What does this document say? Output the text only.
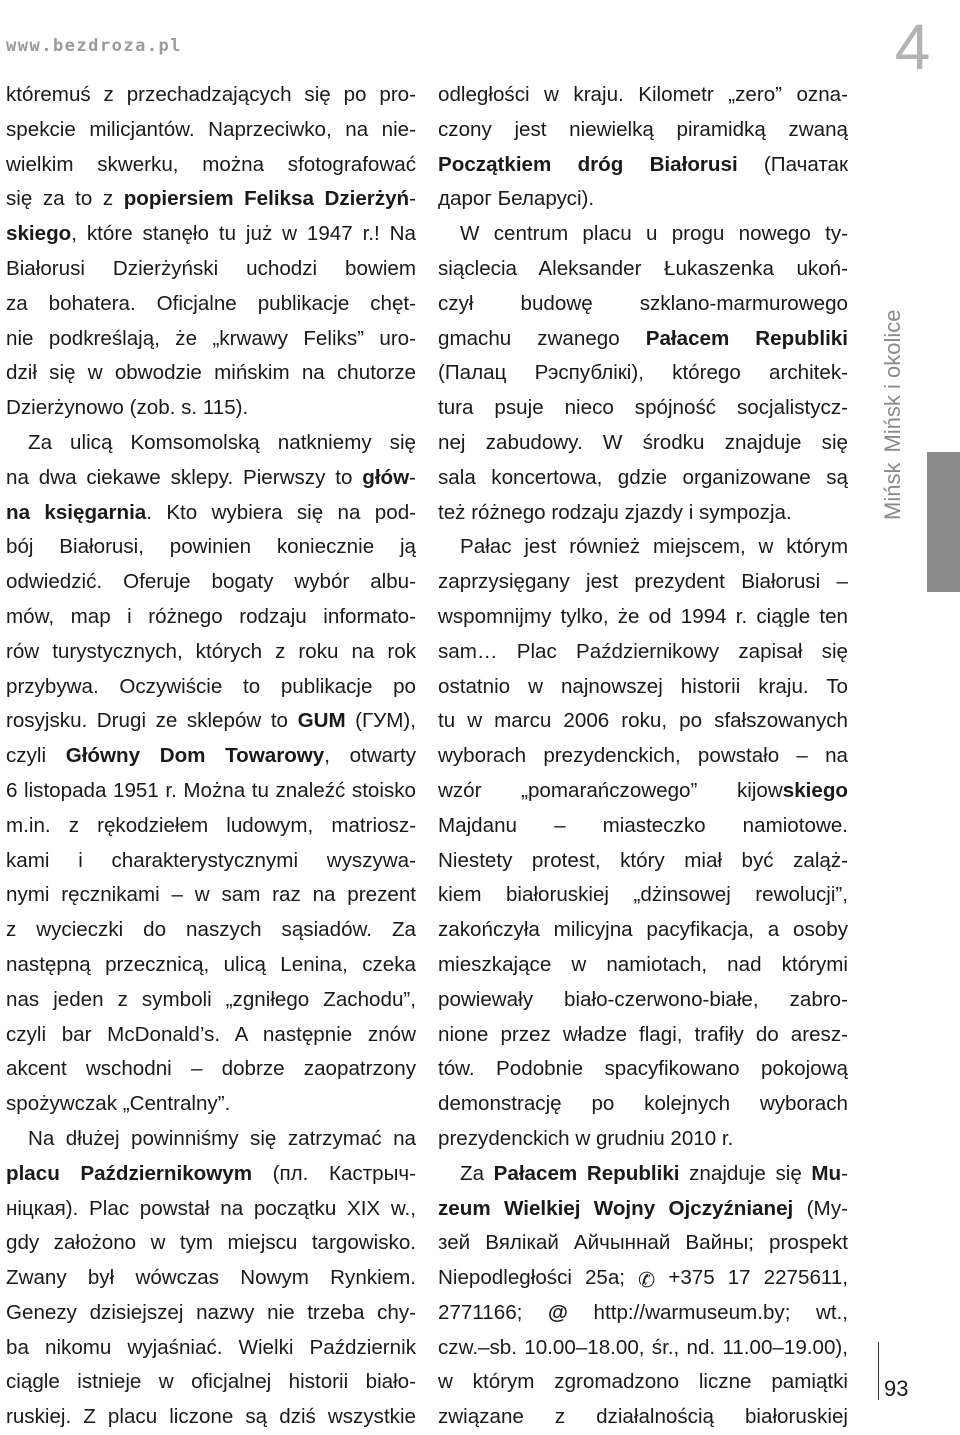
www.bezdroza.pl
któremuś z przechadzających się po pro-
spekcie milicjantów. Naprzeciwko, na nie-
wielkim skwerku, można sfotografować
się za to z popiersiem Feliksa Dzierżyń-
skiego, które stanęło tu już w 1947 r.! Na
Białorusi Dzierżyński uchodzi bowiem
za bohatera. Oficjalne publikacje chęt-
nie podkreślają, że „krwawy Feliks” uro-
dził się w obwodzie mińskim na chutorze
Dzierżynowo (zob. s. 115).
Za ulicą Komsomolską natkniemy się
na dwa ciekawe sklepy. Pierwszy to głów-
na księgarnia. Kto wybiera się na pod-
bój Białorusi, powinien koniecznie ją
odwiedzić. Oferuje bogaty wybór albu-
mów, map i różnego rodzaju informato-
rów turystycznych, których z roku na rok
przybywa. Oczywiście to publikacje po
rosyjsku. Drugi ze sklepów to GUM (ГУМ),
czyli Główny Dom Towarowy, otwarty
6 listopada 1951 r. Można tu znaleźć stoisko
m.in. z rękodziełem ludowym, matriosz-
kami i charakterystycznymi wyszywa-
nymi ręcznikami – w sam raz na prezent
z wycieczki do naszych sąsiadów. Za
następną przecznicą, ulicą Lenina, czeka
nas jeden z symboli „zgniłego Zachodu”,
czyli bar McDonald’s. A następnie znów
akcent wschodni – dobrze zaopatrzony
spożywczak „Centralny”.
Na dłużej powinniśmy się zatrzymać na
placu Październikowym (пл. Кастрыч-
ніцкая). Plac powstał na początku XIX w.,
gdy założono w tym miejscu targowisko.
Zwany był wówczas Nowym Rynkiem.
Genezy dzisiejszej nazwy nie trzeba chy-
ba nikomu wyjaśniać. Wielki Październik
ciągle istnieje w oficjalnej historii biało-
ruskiej. Z placu liczone są dziś wszystkie
odległości w kraju. Kilometr „zero” ozna-
czony jest niewielką piramidką zwaną
Początkiem dróg Białorusi (Пачатак
дарог Беларусі).
W centrum placu u progu nowego ty-
siąclecia Aleksander Łukaszenka ukoń-
czył budowę szklano-marmurowego
gmachu zwanego Pałacem Republiki
(Палац Рэспублікі), którego architek-
tura psuje nieco spójność socjalistycz-
nej zabudowy. W środku znajduje się
sala koncertowa, gdzie organizowane są
też różnego rodzaju zjazdy i sympozja.
Pałac jest również miejscem, w którym
zaprzysięgany jest prezydent Białorusi –
wspomnijmy tylko, że od 1994 r. ciągle ten
sam… Plac Październikowy zapisał się
ostatnio w najnowszej historii kraju. To
tu w marcu 2006 roku, po sfałszowanych
wyborach prezydenckich, powstało – na
wzór „pomarańczowego” kijowskiego
Majdanu – miasteczko namiotowe.
Niestety protest, który miał być zaląż-
kiem białoruskiej „dżinsowej rewolucji”,
zakończyła milicyjna pacyfikacja, a osoby
mieszkające w namiotach, nad którymi
powiewały biało-czerwono-białe, zabro-
nione przez władze flagi, trafiły do aresz-
tów. Podobnie spacyfikowano pokojową
demonstrację po kolejnych wyborach
prezydenckich w grudniu 2010 r.
Za Pałacem Republiki znajduje się Mu-
zeum Wielkiej Wojny Ojczyźnianej (Му-
зей Вялікай Айчыннай Вайны; prospekt
Niepodległości 25a; ✆ +375 17 2275611,
2771166; @ http://warmuseum.by; wt.,
czw.–sb. 10.00–18.00, śr., nd. 11.00–19.00),
w którym zgromadzono liczne pamiątki
związane z działalnością białoruskiej
4
MińskMińsk i okolice
93
